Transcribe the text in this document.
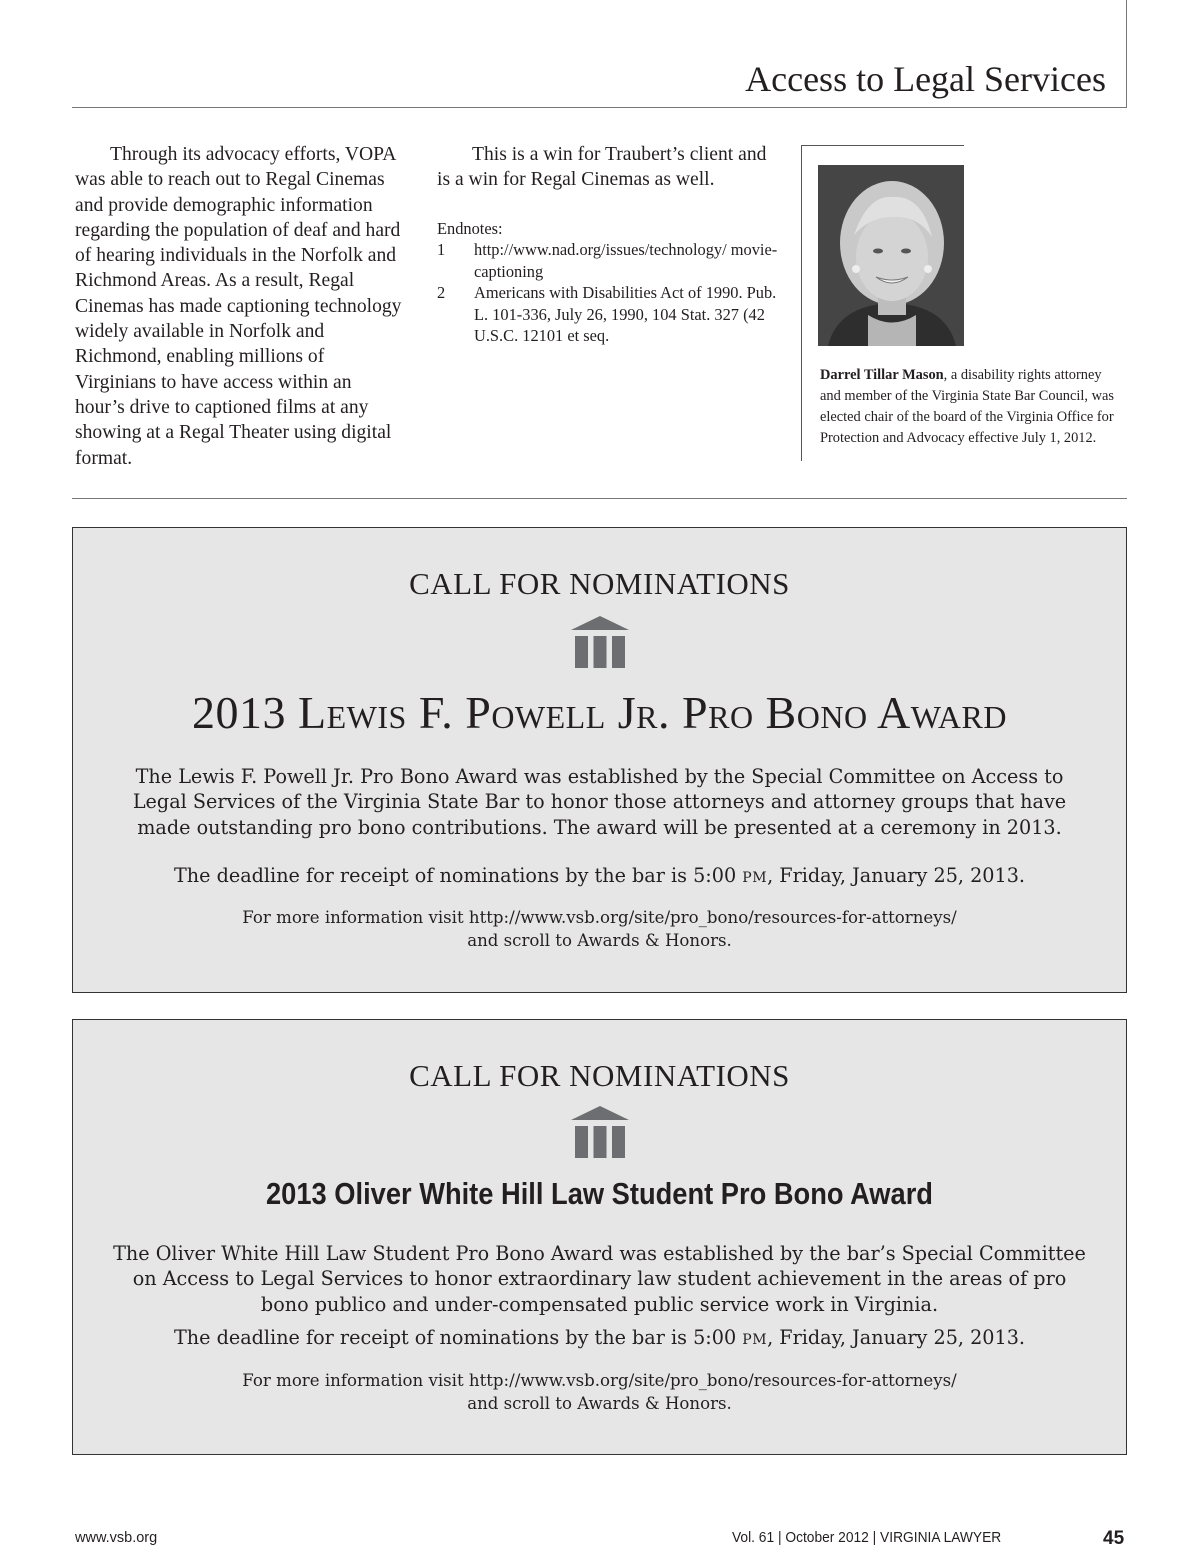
Access to Legal Services

Through its advocacy efforts, VOPA was able to reach out to Regal Cinemas and provide demographic information regarding the population of deaf and hard of hearing individuals in the Norfolk and Richmond Areas. As a result, Regal Cinemas has made captioning technology widely available in Norfolk and Richmond, enabling millions of Virginians to have access within an hour’s drive to captioned films at any showing at a Regal Theater using digital format.

This is a win for Traubert’s client and is a win for Regal Cinemas as well.

Endnotes:

1	http://www.nad.org/issues/technology/ movie-captioning
2	Americans with Disabilities Act of 1990. Pub. L. 101-336, July 26, 1990, 104 Stat. 327 (42 U.S.C. 12101 et seq.
Darrel Tillar Mason, a disability rights attorney and member of the Virginia State Bar Council, was elected chair of the board of the Virginia Office for Protection and Advocacy effective July 1, 2012.
CALL FOR NOMINATIONS
2013 Lewis F. Powell Jr. Pro Bono Award
The Lewis F. Powell Jr. Pro Bono Award was established by the Special Committee on Access to Legal Services of the Virginia State Bar to honor those attorneys and attorney groups that have made outstanding pro bono contributions. The award will be presented at a ceremony in 2013.
The deadline for receipt of nominations by the bar is 5:00 PM, Friday, January 25, 2013.
For more information visit http://www.vsb.org/site/pro_bono/resources-for-attorneys/
and scroll to Awards & Honors.
CALL FOR NOMINATIONS
2013 Oliver White Hill Law Student Pro Bono Award
The Oliver White Hill Law Student Pro Bono Award was established by the bar’s Special Committee on Access to Legal Services to honor extraordinary law student achievement in the areas of pro bono publico and under-compensated public service work in Virginia.
The deadline for receipt of nominations by the bar is 5:00 PM, Friday, January 25, 2013.
For more information visit http://www.vsb.org/site/pro_bono/resources-for-attorneys/
and scroll to Awards & Honors.
www.vsb.org	Vol. 61 | October 2012 | VIRGINIA LAWYER	45
